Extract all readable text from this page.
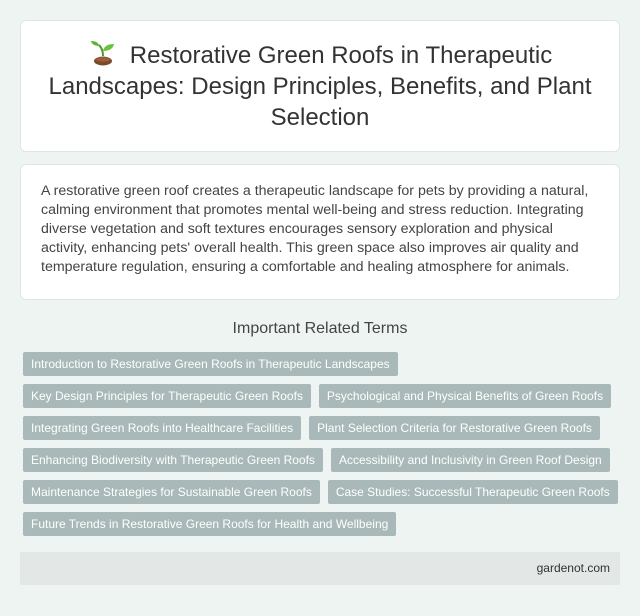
Restorative Green Roofs in Therapeutic Landscapes: Design Principles, Benefits, and Plant Selection

A restorative green roof creates a therapeutic landscape for pets by providing a natural, calming environment that promotes mental well-being and stress reduction. Integrating diverse vegetation and soft textures encourages sensory exploration and physical activity, enhancing pets' overall health. This green space also improves air quality and temperature regulation, ensuring a comfortable and healing atmosphere for animals.

Important Related Terms
Introduction to Restorative Green Roofs in Therapeutic Landscapes
Key Design Principles for Therapeutic Green Roofs	Psychological and Physical Benefits of Green Roofs
Integrating Green Roofs into Healthcare Facilities	Plant Selection Criteria for Restorative Green Roofs
Enhancing Biodiversity with Therapeutic Green Roofs	Accessibility and Inclusivity in Green Roof Design
Maintenance Strategies for Sustainable Green Roofs	Case Studies: Successful Therapeutic Green Roofs
Future Trends in Restorative Green Roofs for Health and Wellbeing
gardenot.com
